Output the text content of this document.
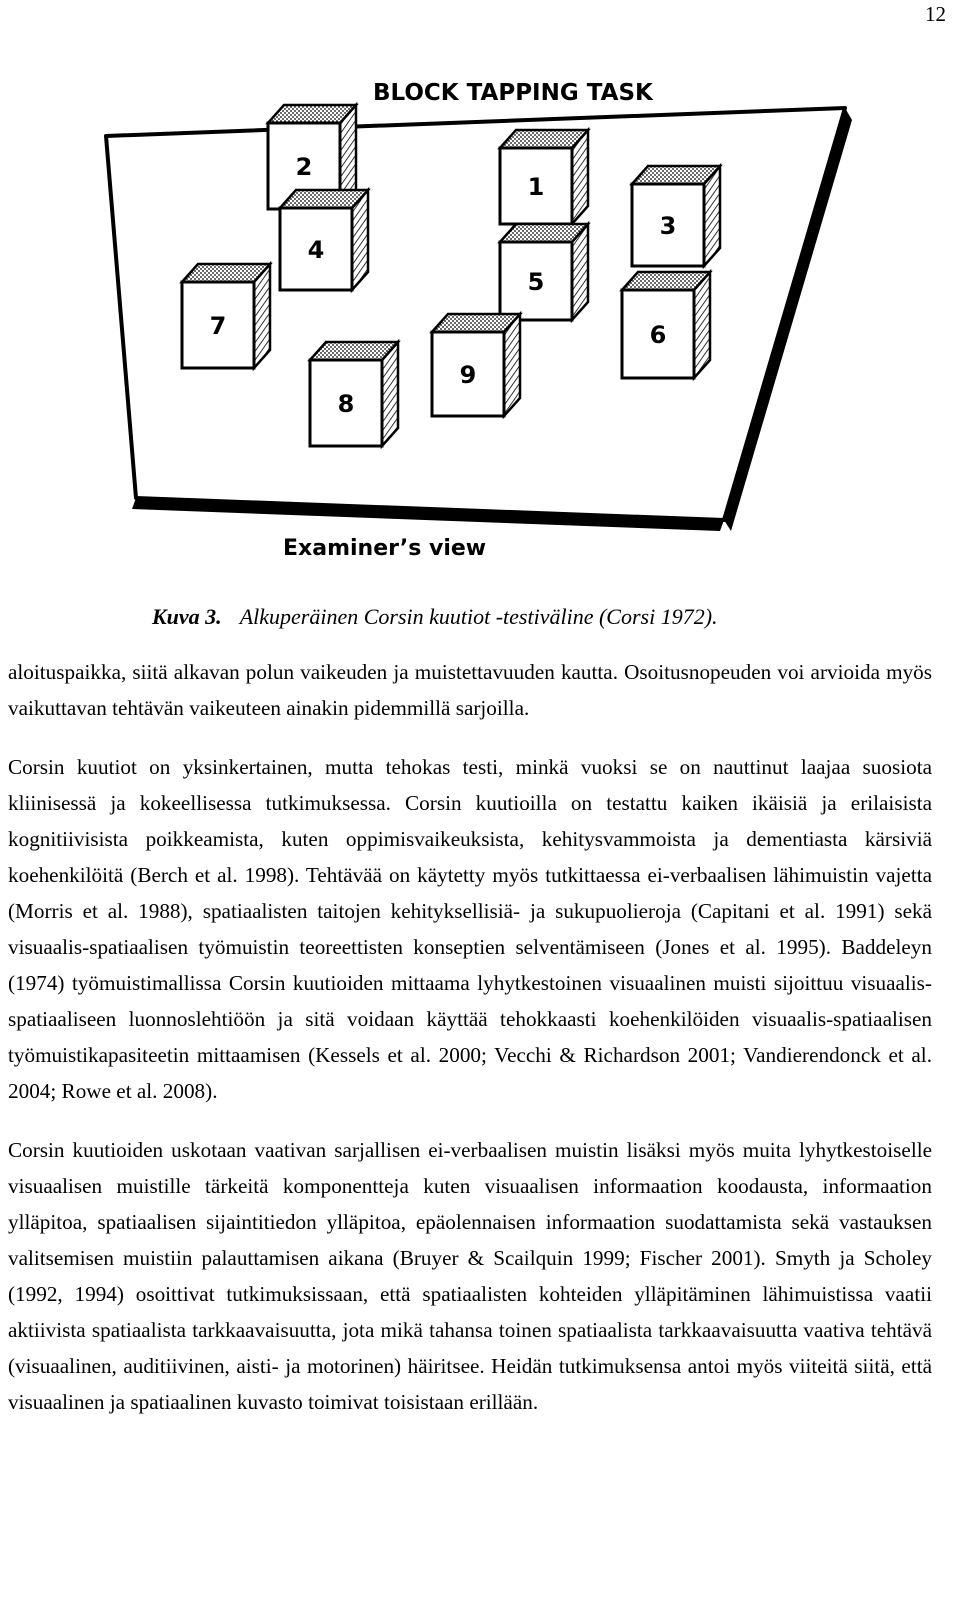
12
1
2
3
4
5
6
7
8
9
BLOCK TAPPING TASK
Examiner’s view
Kuva 3. Alkuperäinen Corsin kuutiot -testiväline (Corsi 1972).

aloituspaikka, siitä alkavan polun vaikeuden ja muistettavuuden kautta. Osoitusnopeuden voi arvioida myös vaikuttavan tehtävän vaikeuteen ainakin pidemmillä sarjoilla.

Corsin kuutiot on yksinkertainen, mutta tehokas testi, minkä vuoksi se on nauttinut laajaa suosiota kliinisessä ja kokeellisessa tutkimuksessa. Corsin kuutioilla on testattu kaiken ikäisiä ja erilaisista kognitiivisista poikkeamista, kuten oppimisvaikeuksista, kehitysvammoista ja dementiasta kärsiviä koehenkilöitä (Berch et al. 1998). Tehtävää on käytetty myös tutkittaessa ei-verbaalisen lähimuistin vajetta (Morris et al. 1988), spatiaalisten taitojen kehityksellisiä- ja sukupuolieroja (Capitani et al. 1991) sekä visuaalis-spatiaalisen työmuistin teoreettisten konseptien selventämiseen (Jones et al. 1995). Baddeleyn (1974) työmuistimallissa Corsin kuutioiden mittaama lyhytkestoinen visuaalinen muisti sijoittuu visuaalis-spatiaaliseen luonnoslehtiöön ja sitä voidaan käyttää tehokkaasti koehenkilöiden visuaalis-spatiaalisen työmuistikapasiteetin mittaamisen (Kessels et al. 2000; Vecchi & Richardson 2001; Vandierendonck et al. 2004; Rowe et al. 2008).

Corsin kuutioiden uskotaan vaativan sarjallisen ei-verbaalisen muistin lisäksi myös muita lyhytkestoiselle visuaalisen muistille tärkeitä komponentteja kuten visuaalisen informaation koodausta, informaation ylläpitoa, spatiaalisen sijaintitiedon ylläpitoa, epäolennaisen informaation suodattamista sekä vastauksen valitsemisen muistiin palauttamisen aikana (Bruyer & Scailquin 1999; Fischer 2001). Smyth ja Scholey (1992, 1994) osoittivat tutkimuksissaan, että spatiaalisten kohteiden ylläpitäminen lähimuistissa vaatii aktiivista spatiaalista tarkkaavaisuutta, jota mikä tahansa toinen spatiaalista tarkkaavaisuutta vaativa tehtävä (visuaalinen, auditiivinen, aisti- ja motorinen) häiritsee. Heidän tutkimuksensa antoi myös viiteitä siitä, että visuaalinen ja spatiaalinen kuvasto toimivat toisistaan erillään.
